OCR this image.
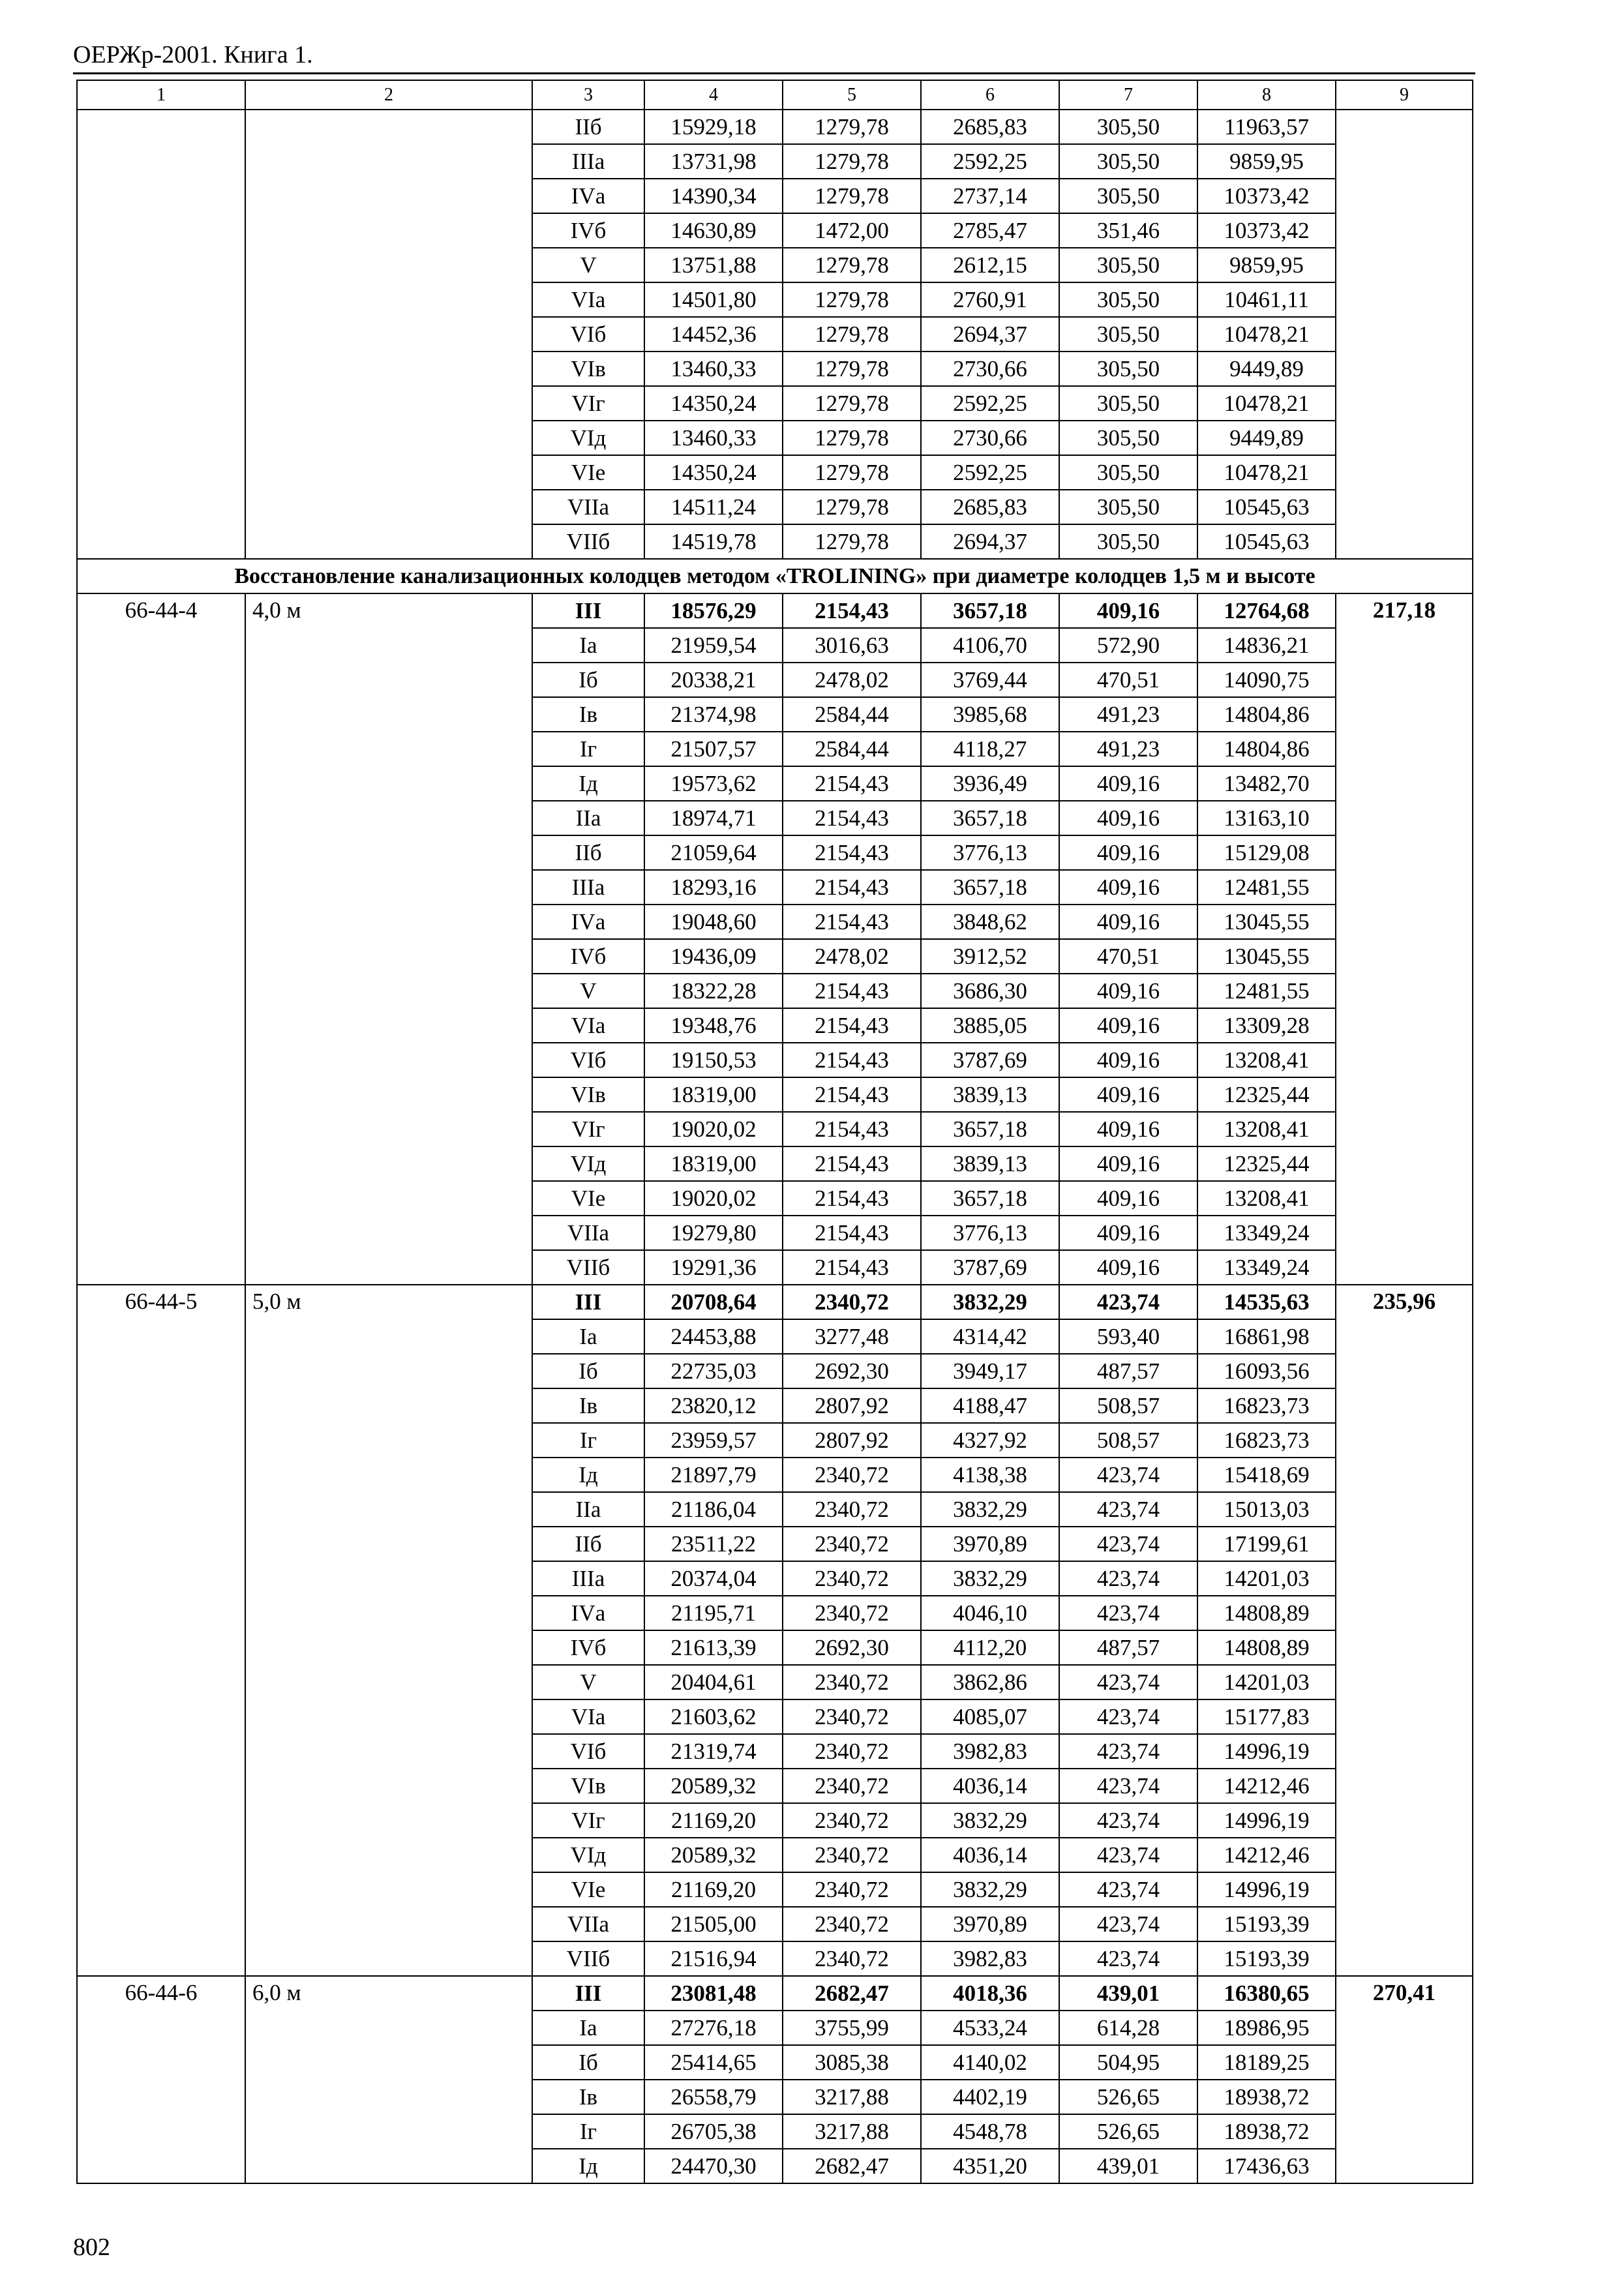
ОЕРЖр-2001. Книга 1.
1	2	3	4	5	6	7	8	9
		IIб	15929,18	1279,78	2685,83	305,50	11963,57	
		IIIа	13731,98	1279,78	2592,25	305,50	9859,95	
		IVа	14390,34	1279,78	2737,14	305,50	10373,42	
		IVб	14630,89	1472,00	2785,47	351,46	10373,42	
		V	13751,88	1279,78	2612,15	305,50	9859,95	
		VIа	14501,80	1279,78	2760,91	305,50	10461,11	
		VIб	14452,36	1279,78	2694,37	305,50	10478,21	
		VIв	13460,33	1279,78	2730,66	305,50	9449,89	
		VIг	14350,24	1279,78	2592,25	305,50	10478,21	
		VIд	13460,33	1279,78	2730,66	305,50	9449,89	
		VIе	14350,24	1279,78	2592,25	305,50	10478,21	
		VIIа	14511,24	1279,78	2685,83	305,50	10545,63	
		VIIб	14519,78	1279,78	2694,37	305,50	10545,63	
Восстановление канализационных колодцев методом «TROLINING» при диаметре колодцев 1,5 м и высоте								
66-44-4	4,0 м	III	18576,29	2154,43	3657,18	409,16	12764,68	217,18
		Iа	21959,54	3016,63	4106,70	572,90	14836,21	
		Iб	20338,21	2478,02	3769,44	470,51	14090,75	
		Iв	21374,98	2584,44	3985,68	491,23	14804,86	
		Iг	21507,57	2584,44	4118,27	491,23	14804,86	
		Iд	19573,62	2154,43	3936,49	409,16	13482,70	
		IIа	18974,71	2154,43	3657,18	409,16	13163,10	
		IIб	21059,64	2154,43	3776,13	409,16	15129,08	
		IIIа	18293,16	2154,43	3657,18	409,16	12481,55	
		IVа	19048,60	2154,43	3848,62	409,16	13045,55	
		IVб	19436,09	2478,02	3912,52	470,51	13045,55	
		V	18322,28	2154,43	3686,30	409,16	12481,55	
		VIа	19348,76	2154,43	3885,05	409,16	13309,28	
		VIб	19150,53	2154,43	3787,69	409,16	13208,41	
		VIв	18319,00	2154,43	3839,13	409,16	12325,44	
		VIг	19020,02	2154,43	3657,18	409,16	13208,41	
		VIд	18319,00	2154,43	3839,13	409,16	12325,44	
		VIе	19020,02	2154,43	3657,18	409,16	13208,41	
		VIIа	19279,80	2154,43	3776,13	409,16	13349,24	
		VIIб	19291,36	2154,43	3787,69	409,16	13349,24	
66-44-5	5,0 м	III	20708,64	2340,72	3832,29	423,74	14535,63	235,96
		Iа	24453,88	3277,48	4314,42	593,40	16861,98	
		Iб	22735,03	2692,30	3949,17	487,57	16093,56	
		Iв	23820,12	2807,92	4188,47	508,57	16823,73	
		Iг	23959,57	2807,92	4327,92	508,57	16823,73	
		Iд	21897,79	2340,72	4138,38	423,74	15418,69	
		IIа	21186,04	2340,72	3832,29	423,74	15013,03	
		IIб	23511,22	2340,72	3970,89	423,74	17199,61	
		IIIа	20374,04	2340,72	3832,29	423,74	14201,03	
		IVа	21195,71	2340,72	4046,10	423,74	14808,89	
		IVб	21613,39	2692,30	4112,20	487,57	14808,89	
		V	20404,61	2340,72	3862,86	423,74	14201,03	
		VIа	21603,62	2340,72	4085,07	423,74	15177,83	
		VIб	21319,74	2340,72	3982,83	423,74	14996,19	
		VIв	20589,32	2340,72	4036,14	423,74	14212,46	
		VIг	21169,20	2340,72	3832,29	423,74	14996,19	
		VIд	20589,32	2340,72	4036,14	423,74	14212,46	
		VIе	21169,20	2340,72	3832,29	423,74	14996,19	
		VIIа	21505,00	2340,72	3970,89	423,74	15193,39	
		VIIб	21516,94	2340,72	3982,83	423,74	15193,39	
66-44-6	6,0 м	III	23081,48	2682,47	4018,36	439,01	16380,65	270,41
		Iа	27276,18	3755,99	4533,24	614,28	18986,95	
		Iб	25414,65	3085,38	4140,02	504,95	18189,25	
		Iв	26558,79	3217,88	4402,19	526,65	18938,72	
		Iг	26705,38	3217,88	4548,78	526,65	18938,72	
		Iд	24470,30	2682,47	4351,20	439,01	17436,63	
802
